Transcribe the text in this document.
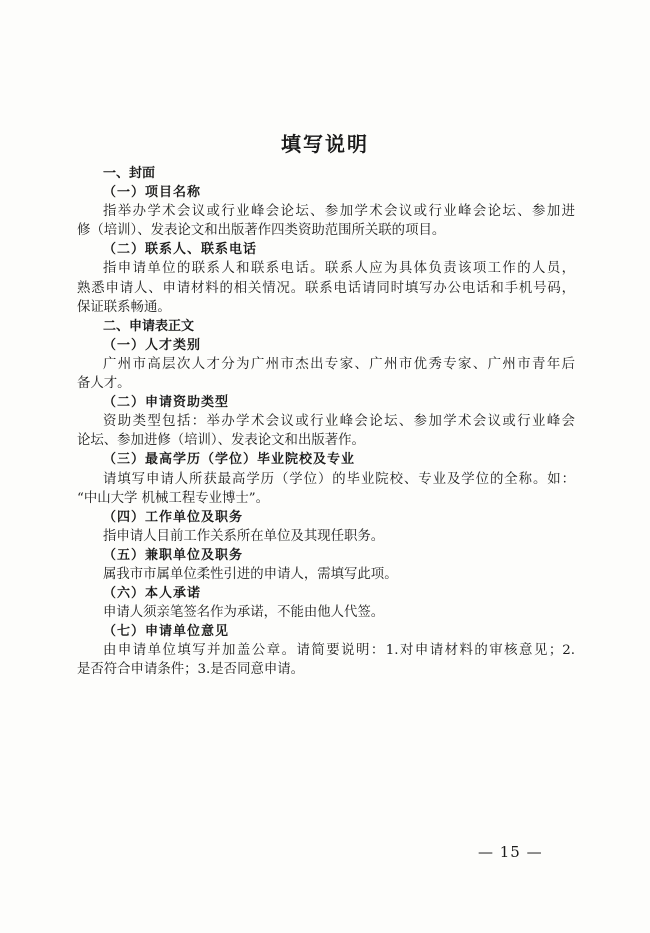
填写说明
一、封面
（一）项目名称
指举办学术会议或行业峰会论坛、参加学术会议或行业峰会论坛、参加进
修（培训）、发表论文和出版著作四类资助范围所关联的项目。
（二）联系人、联系电话
指申请单位的联系人和联系电话。联系人应为具体负责该项工作的人员，
熟悉申请人、申请材料的相关情况。联系电话请同时填写办公电话和手机号码，
保证联系畅通。
二、申请表正文
（一）人才类别
广州市高层次人才分为广州市杰出专家、广州市优秀专家、广州市青年后
备人才。
（二）申请资助类型
资助类型包括：举办学术会议或行业峰会论坛、参加学术会议或行业峰会
论坛、参加进修（培训）、发表论文和出版著作。
（三）最高学历（学位）毕业院校及专业
请填写申请人所获最高学历（学位）的毕业院校、专业及学位的全称。如：
“中山大学 机械工程专业博士”。
（四）工作单位及职务
指申请人目前工作关系所在单位及其现任职务。
（五）兼职单位及职务
属我市市属单位柔性引进的申请人，需填写此项。
（六）本人承诺
申请人须亲笔签名作为承诺，不能由他人代签。
（七）申请单位意见
由申请单位填写并加盖公章。请简要说明：1.对申请材料的审核意见；2.
是否符合申请条件；3.是否同意申请。
— 15 —
